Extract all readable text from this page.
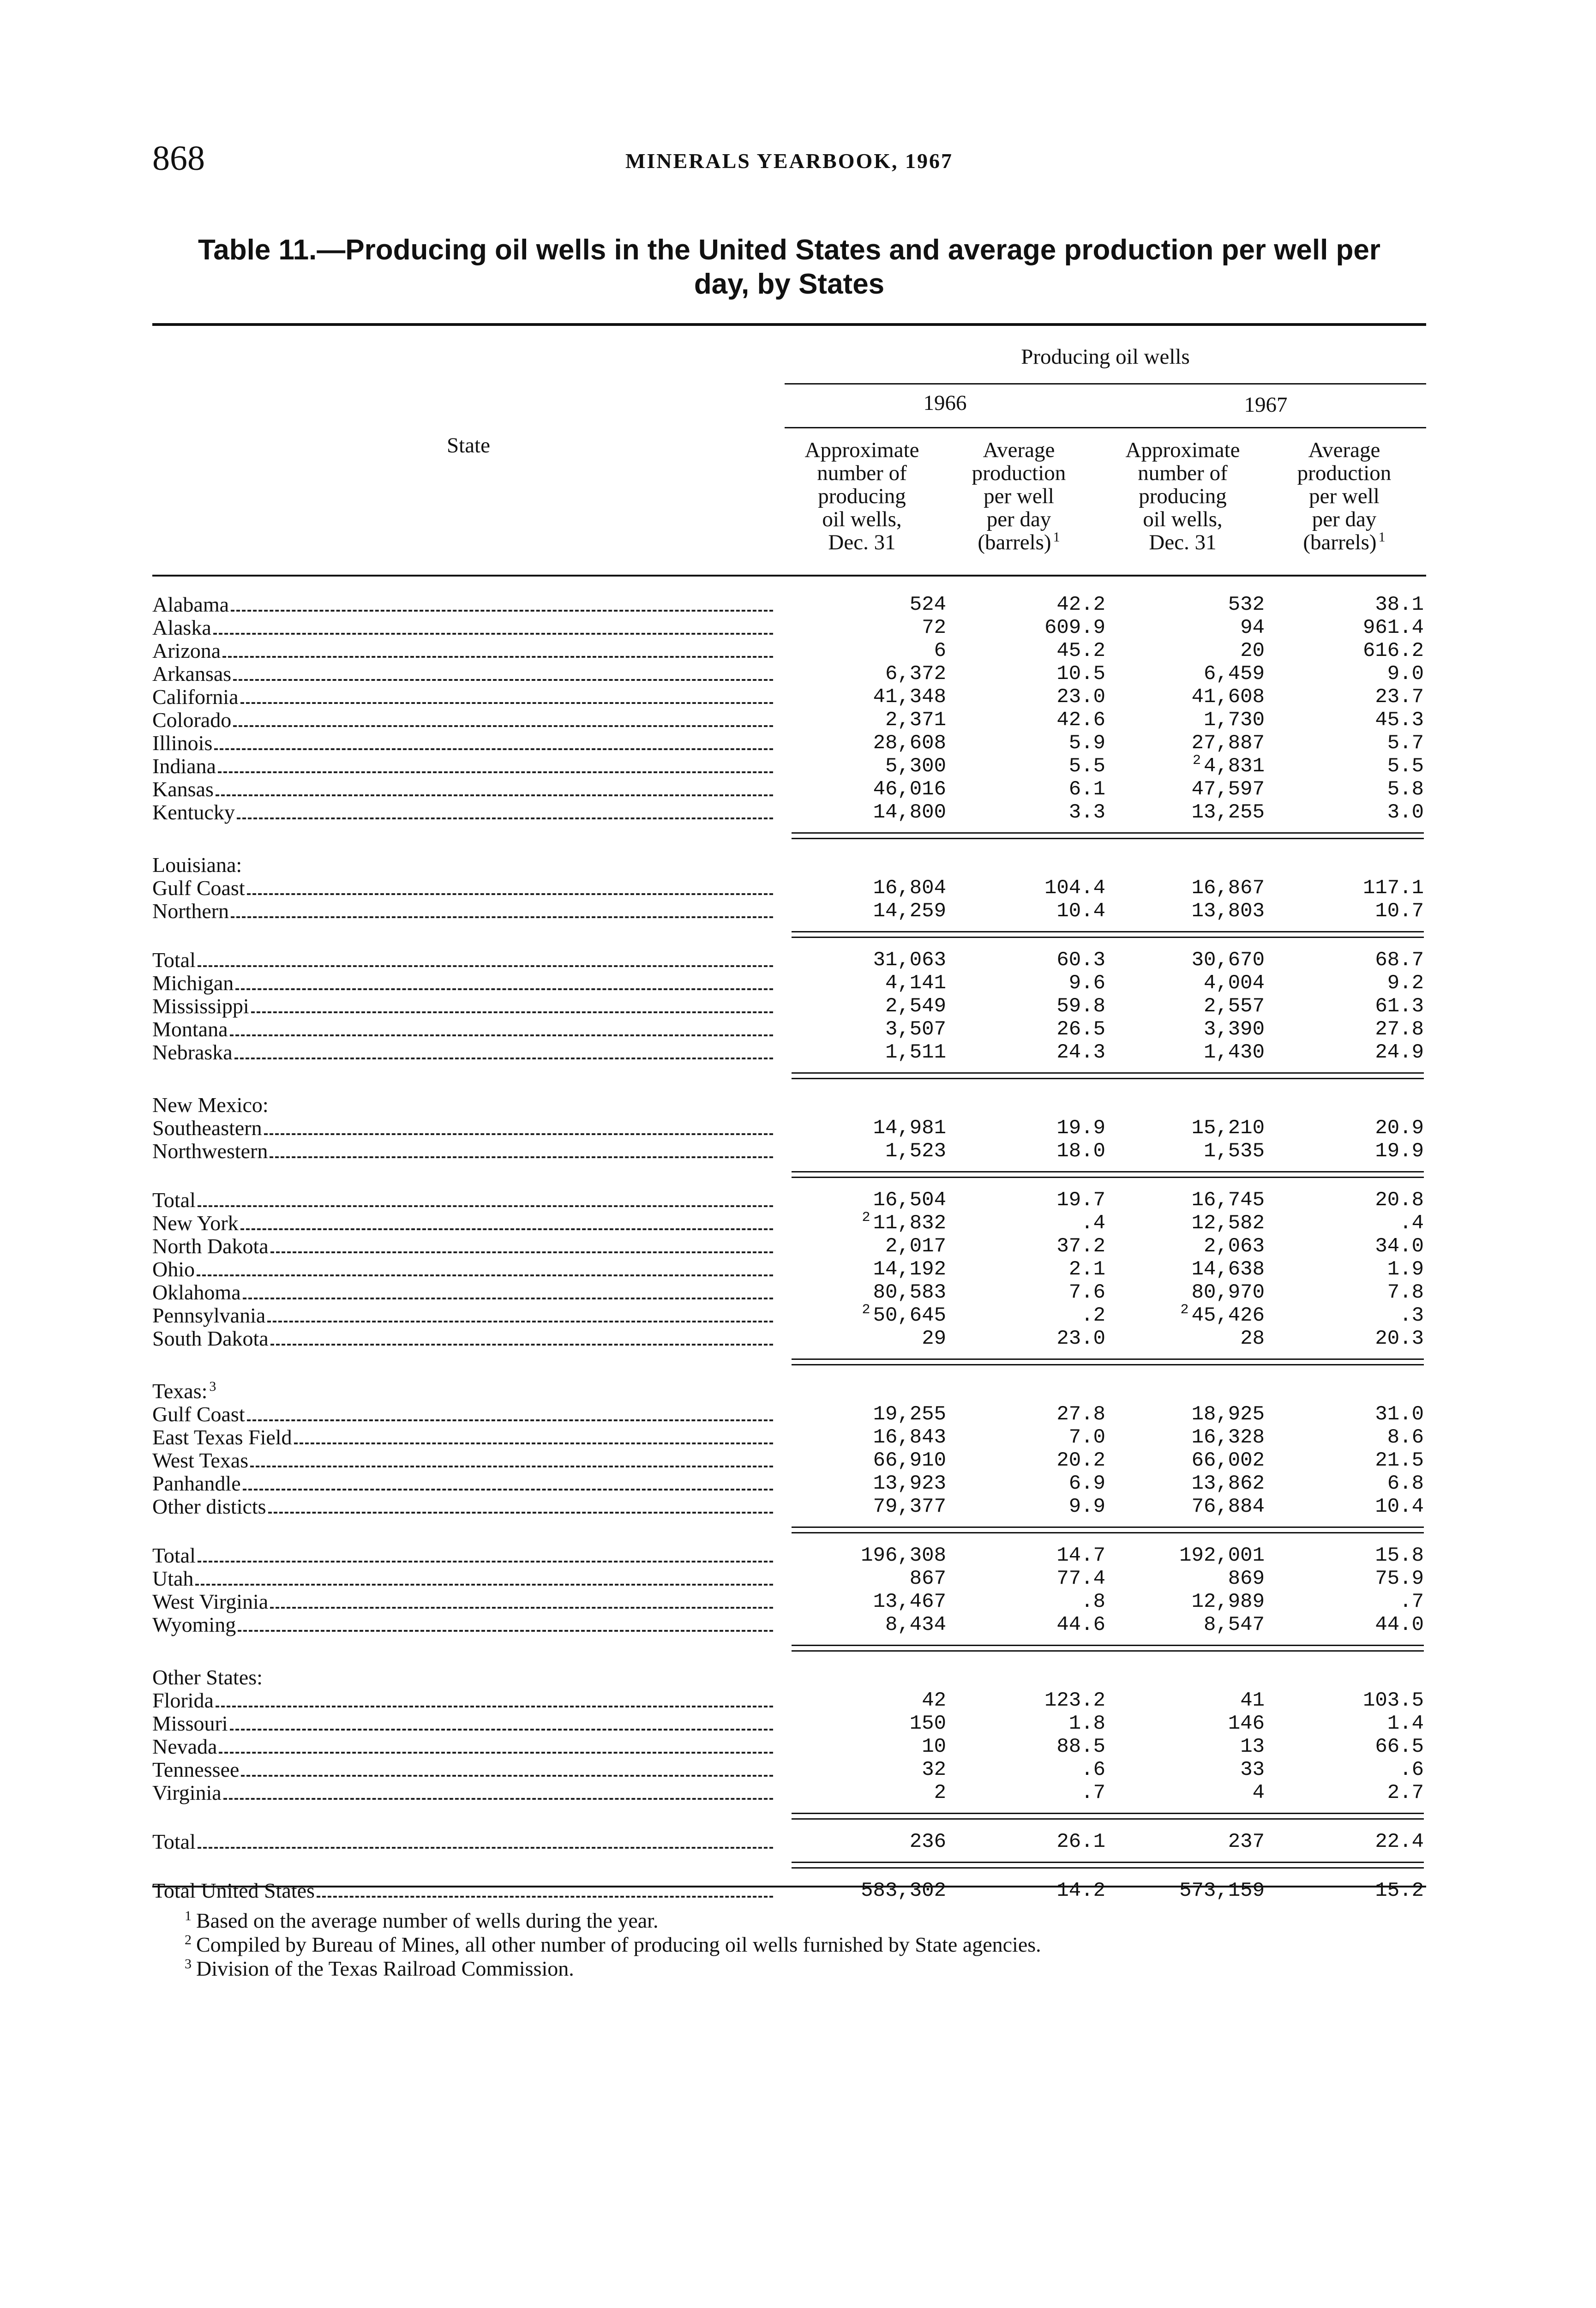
868	MINERALS YEARBOOK, 1967
Table 11.—Producing oil wells in the United States and average production per well per
day, by States
State
Producing oil wells
1966	1967
Approximate
number of
producing
oil wells,
Dec. 31
Average
production
per well
per day
(barrels) $^1$
Approximate
number of
producing
oil wells,
Dec. 31
Average
production
per well
per day
(barrels) $^1$
Alabama	524	42.2	532	38.1

Alaska	72	609.9	94	961.4

Arizona	6	45.2	20	616.2

Arkansas	6,372	10.5	6,459	9.0

California	41,348	23.0	41,608	23.7

Colorado	2,371	42.6	1,730	45.3

Illinois	28,608	5.9	27,887	5.7

Indiana	5,300	5.5	$^2$ 4,831	5.5

Kansas	46,016	6.1	47,597	5.8

Kentucky	14,800	3.3	13,255	3.0

Louisiana:				

Gulf Coast	16,804	104.4	16,867	117.1

Northern	14,259	10.4	13,803	10.7

Total	31,063	60.3	30,670	68.7

Michigan	4,141	9.6	4,004	9.2

Mississippi	2,549	59.8	2,557	61.3

Montana	3,507	26.5	3,390	27.8

Nebraska	1,511	24.3	1,430	24.9

New Mexico:				

Southeastern	14,981	19.9	15,210	20.9

Northwestern	1,523	18.0	1,535	19.9

Total	16,504	19.7	16,745	20.8

New York	$^2$ 11,832	.4	12,582	.4

North Dakota	2,017	37.2	2,063	34.0

Ohio	14,192	2.1	14,638	1.9

Oklahoma	80,583	7.6	80,970	7.8

Pennsylvania	$^2$ 50,645	.2	$^2$ 45,426	.3

South Dakota	29	23.0	28	20.3

Texas: $^3$

Gulf Coast	19,255	27.8	18,925	31.0

East Texas Field	16,843	7.0	16,328	8.6

West Texas	66,910	20.2	66,002	21.5

Panhandle	13,923	6.9	13,862	6.8

Other disticts	79,377	9.9	76,884	10.4

Total	196,308	14.7	192,001	15.8

Utah	867	77.4	869	75.9

West Virginia	13,467	.8	12,989	.7

Wyoming	8,434	44.6	8,547	44.0

Other States:				

Florida	42	123.2	41	103.5

Missouri	150	1.8	146	1.4

Nevada	10	88.5	13	66.5

Tennessee	32	.6	33	.6

Virginia	2	.7	4	2.7

Total	236	26.1	237	22.4

Total United States	583,302	14.2	573,159	15.2
$^1$ Based on the average number of wells during the year.
$^2$ Compiled by Bureau of Mines, all other number of producing oil wells furnished by State agencies.
$^3$ Division of the Texas Railroad Commission.
